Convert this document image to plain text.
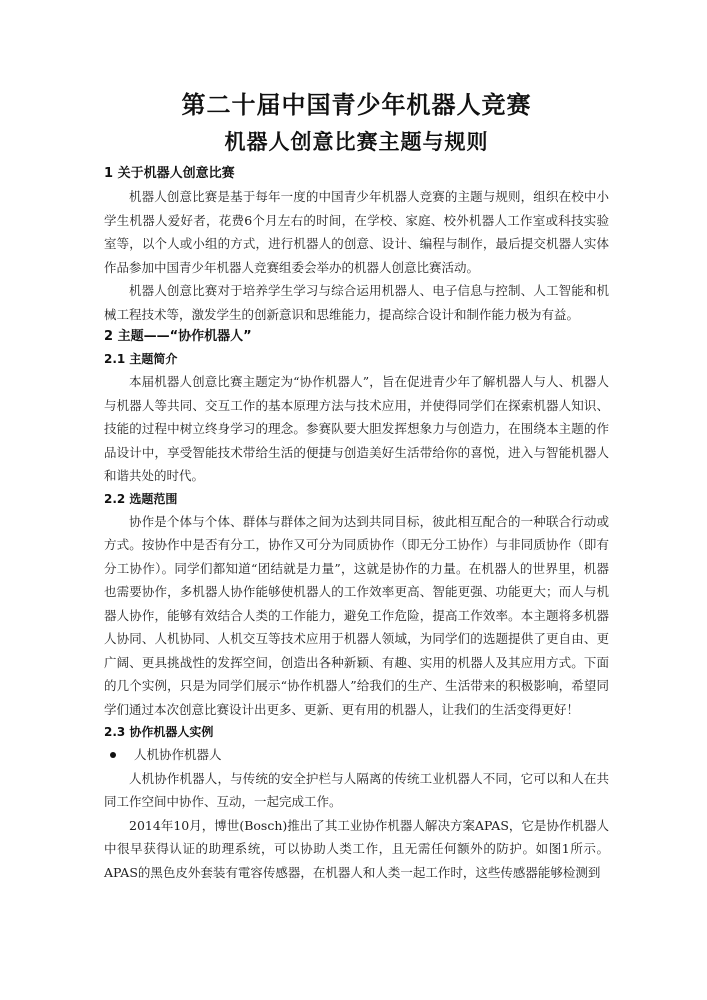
第二十届中国青少年机器人竞赛
机器人创意比赛主题与规则
1 关于机器人创意比赛

机器人创意比赛是基于每年一度的中国青少年机器人竞赛的主题与规则，组织在校中小学生机器人爱好者，花费6个月左右的时间，在学校、家庭、校外机器人工作室或科技实验室等，以个人或小组的方式，进行机器人的创意、设计、编程与制作，最后提交机器人实体作品参加中国青少年机器人竞赛组委会举办的机器人创意比赛活动。

机器人创意比赛对于培养学生学习与综合运用机器人、电子信息与控制、人工智能和机械工程技术等，激发学生的创新意识和思维能力，提高综合设计和制作能力极为有益。

2 主题——“协作机器人”
2.1 主题简介

本届机器人创意比赛主题定为“协作机器人”，旨在促进青少年了解机器人与人、机器人与机器人等共同、交互工作的基本原理方法与技术应用，并使得同学们在探索机器人知识、技能的过程中树立终身学习的理念。参赛队要大胆发挥想象力与创造力，在围绕本主题的作品设计中，享受智能技术带给生活的便捷与创造美好生活带给你的喜悦，进入与智能机器人和谐共处的时代。

2.2 选题范围

协作是个体与个体、群体与群体之间为达到共同目标，彼此相互配合的一种联合行动或方式。按协作中是否有分工，协作又可分为同质协作（即无分工协作）与非同质协作（即有分工协作）。同学们都知道“团结就是力量”，这就是协作的力量。在机器人的世界里，机器也需要协作，多机器人协作能够使机器人的工作效率更高、智能更强、功能更大；而人与机器人协作，能够有效结合人类的工作能力，避免工作危险，提高工作效率。本主题将多机器人协同、人机协同、人机交互等技术应用于机器人领域，为同学们的选题提供了更自由、更广阔、更具挑战性的发挥空间，创造出各种新颖、有趣、实用的机器人及其应用方式。下面的几个实例，只是为同学们展示“协作机器人”给我们的生产、生活带来的积极影响，希望同学们通过本次创意比赛设计出更多、更新、更有用的机器人，让我们的生活变得更好！

2.3 协作机器人实例
人机协作机器人

人机协作机器人，与传统的安全护栏与人隔离的传统工业机器人不同，它可以和人在共同工作空间中协作、互动，一起完成工作。

2014年10月，博世(Bosch)推出了其工业协作机器人解决方案APAS，它是协作机器人中很早获得认证的助理系统，可以协助人类工作，且无需任何额外的防护。如图1所示。APAS的黑色皮外套装有電容传感器，在机器人和人类一起工作时，这些传感器能够检测到
